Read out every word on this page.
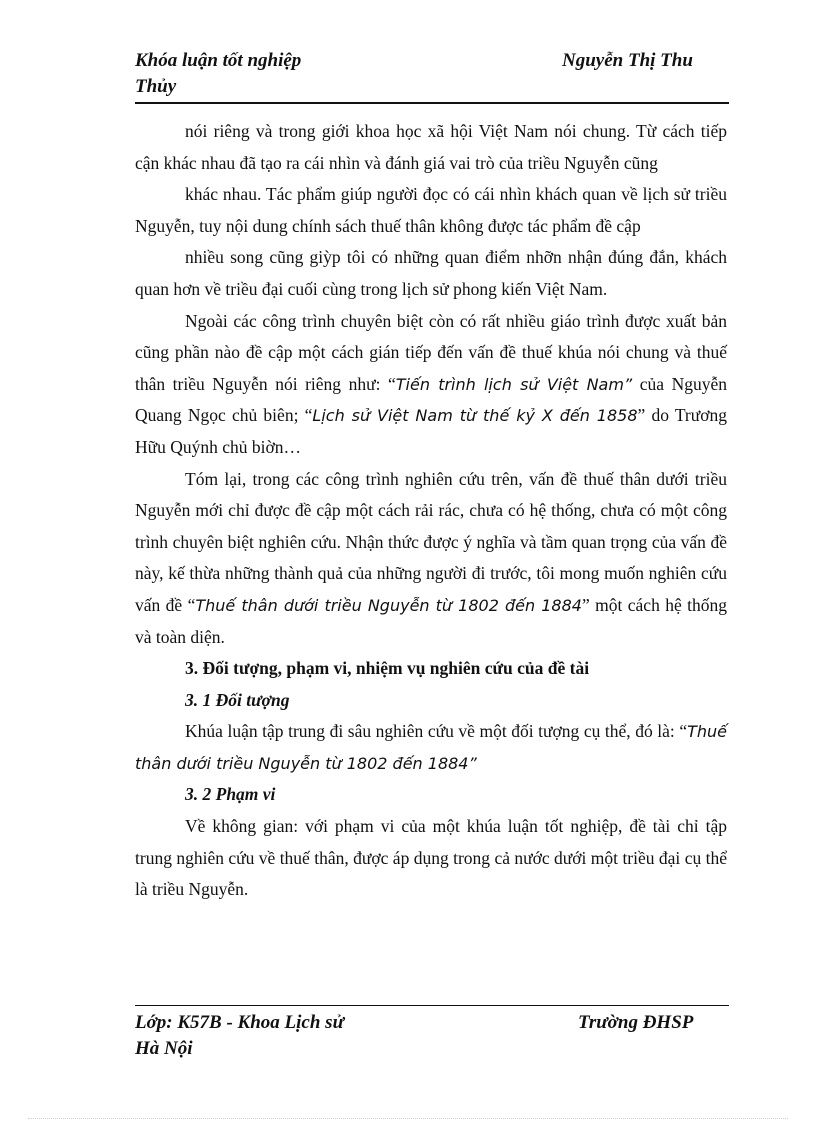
Khóa luận tốt nghiệp
Thủy
Nguyễn Thị Thu

nói riêng và trong giới khoa học xã hội Việt Nam nói chung. Từ cách tiếp cận khác nhau đã tạo ra cái nhìn và đánh giá vai trò của triều Nguyễn cũng

khác nhau. Tác phẩm giúp người đọc có cái nhìn khách quan về lịch sử triều Nguyễn, tuy nội dung chính sách thuế thân không được tác phẩm đề cập

nhiều song cũng giỳp tôi có những quan điểm nhỡn nhận đúng đắn, khách quan hơn về triều đại cuối cùng trong lịch sử phong kiến Việt Nam.

Ngoài các công trình chuyên biệt còn có rất nhiều giáo trình được xuất bản cũng phần nào đề cập một cách gián tiếp đến vấn đề thuế khúa nói chung và thuế thân triều Nguyễn nói riêng như: “Tiến trình lịch sử Việt Nam” của Nguyễn Quang Ngọc chủ biên; “Lịch sử Việt Nam từ thế kỷ X đến 1858” do Trương Hữu Quýnh chủ biờn…

Tóm lại, trong các công trình nghiên cứu trên, vấn đề thuế thân dưới triều Nguyễn mới chỉ được đề cập một cách rải rác, chưa có hệ thống, chưa có một công trình chuyên biệt nghiên cứu. Nhận thức được ý nghĩa và tầm quan trọng của vấn đề này, kế thừa những thành quả của những người đi trước, tôi mong muốn nghiên cứu vấn đề “Thuế thân dưới triều Nguyễn từ 1802 đến 1884” một cách hệ thống và toàn diện.

3. Đối tượng, phạm vi, nhiệm vụ nghiên cứu của đề tài

3. 1 Đối tượng

Khúa luận tập trung đi sâu nghiên cứu về một đối tượng cụ thể, đó là: “Thuế thân dưới triều Nguyễn từ 1802 đến 1884”

3. 2 Phạm vi

Về không gian: với phạm vi của một khúa luận tốt nghiệp, đề tài chỉ tập trung nghiên cứu về thuế thân, được áp dụng trong cả nước dưới một triều đại cụ thể là triều Nguyễn.

Lớp: K57B - Khoa Lịch sử
Hà Nội
Trường ĐHSP
